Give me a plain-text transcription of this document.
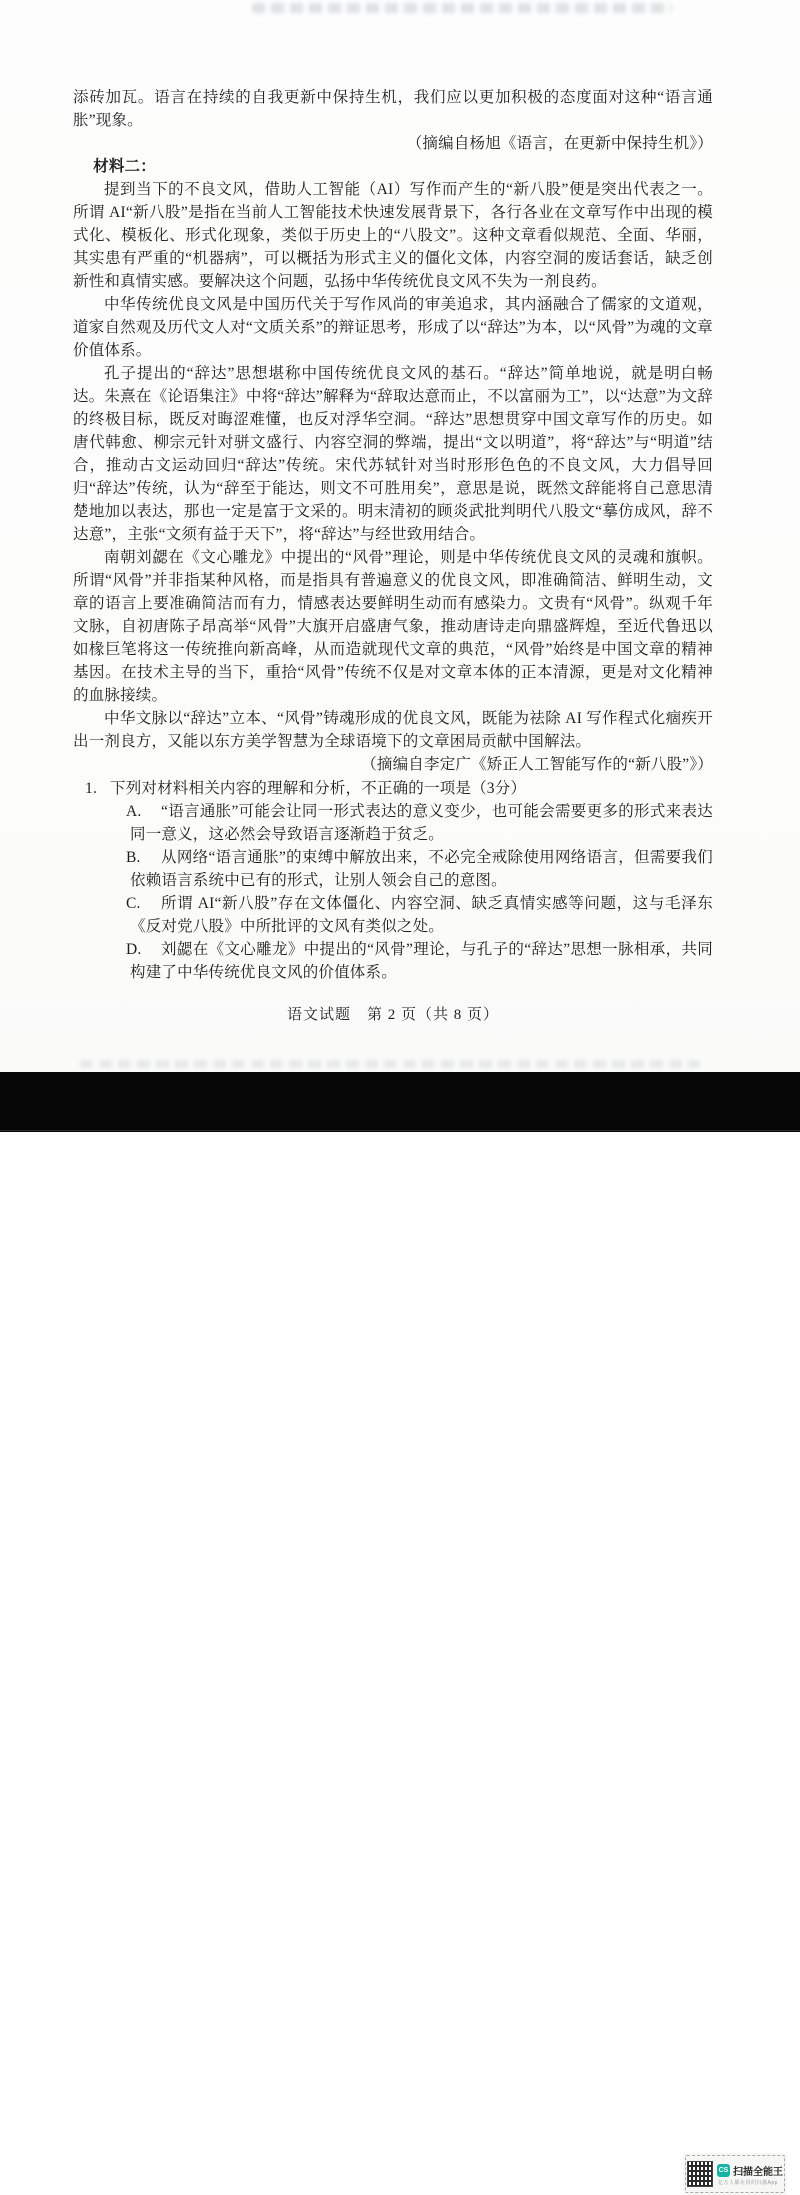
添砖加瓦。语言在持续的自我更新中保持生机，我们应以更加积极的态度面对这种“语言通胀”现象。

（摘编自杨旭《语言，在更新中保持生机》）

材料二：

提到当下的不良文风，借助人工智能（AI）写作而产生的“新八股”便是突出代表之一。所谓 AI“新八股”是指在当前人工智能技术快速发展背景下，各行各业在文章写作中出现的模式化、模板化、形式化现象，类似于历史上的“八股文”。这种文章看似规范、全面、华丽，其实患有严重的“机器病”，可以概括为形式主义的僵化文体，内容空洞的废话套话，缺乏创新性和真情实感。要解决这个问题，弘扬中华传统优良文风不失为一剂良药。

中华传统优良文风是中国历代关于写作风尚的审美追求，其内涵融合了儒家的文道观，道家自然观及历代文人对“文质关系”的辩证思考，形成了以“辞达”为本，以“风骨”为魂的文章价值体系。

孔子提出的“辞达”思想堪称中国传统优良文风的基石。“辞达”简单地说，就是明白畅达。朱熹在《论语集注》中将“辞达”解释为“辞取达意而止，不以富丽为工”，以“达意”为文辞的终极目标，既反对晦涩难懂，也反对浮华空洞。“辞达”思想贯穿中国文章写作的历史。如唐代韩愈、柳宗元针对骈文盛行、内容空洞的弊端，提出“文以明道”，将“辞达”与“明道”结合，推动古文运动回归“辞达”传统。宋代苏轼针对当时形形色色的不良文风，大力倡导回归“辞达”传统，认为“辞至于能达，则文不可胜用矣”，意思是说，既然文辞能将自己意思清楚地加以表达，那也一定是富于文采的。明末清初的顾炎武批判明代八股文“摹仿成风，辞不达意”，主张“文须有益于天下”，将“辞达”与经世致用结合。

南朝刘勰在《文心雕龙》中提出的“风骨”理论，则是中华传统优良文风的灵魂和旗帜。所谓“风骨”并非指某种风格，而是指具有普遍意义的优良文风，即准确简洁、鲜明生动，文章的语言上要准确简洁而有力，情感表达要鲜明生动而有感染力。文贵有“风骨”。纵观千年文脉，自初唐陈子昂高举“风骨”大旗开启盛唐气象，推动唐诗走向鼎盛辉煌，至近代鲁迅以如椽巨笔将这一传统推向新高峰，从而造就现代文章的典范，“风骨”始终是中国文章的精神基因。在技术主导的当下，重拾“风骨”传统不仅是对文章本体的正本清源，更是对文化精神的血脉接续。

中华文脉以“辞达”立本、“风骨”铸魂形成的优良文风，既能为祛除 AI 写作程式化痼疾开出一剂良方，又能以东方美学智慧为全球语境下的文章困局贡献中国解法。

（摘编自李定广《矫正人工智能写作的“新八股”》）

1. 下列对材料相关内容的理解和分析，不正确的一项是（3分）

A. “语言通胀”可能会让同一形式表达的意义变少，也可能会需要更多的形式来表达同一意义，这必然会导致语言逐渐趋于贫乏。

B. 从网络“语言通胀”的束缚中解放出来，不必完全戒除使用网络语言，但需要我们依赖语言系统中已有的形式，让别人领会自己的意图。

C. 所谓 AI“新八股”存在文体僵化、内容空洞、缺乏真情实感等问题，这与毛泽东《反对党八股》中所批评的文风有类似之处。

D. 刘勰在《文心雕龙》中提出的“风骨”理论，与孔子的“辞达”思想一脉相承，共同构建了中华传统优良文风的价值体系。

语文试题　第 2 页（共 8 页）
CS 扫描全能王
亿万人都在用的扫描App
